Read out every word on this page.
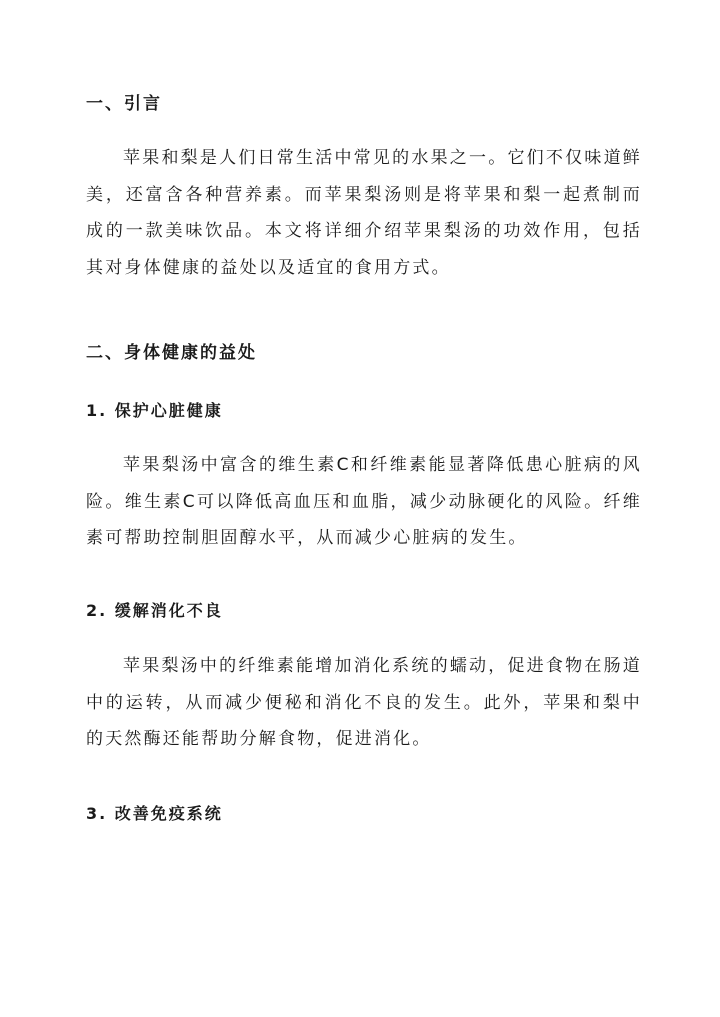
一、引言

苹果和梨是人们日常生活中常见的水果之一。它们不仅味道鲜美，还富含各种营养素。而苹果梨汤则是将苹果和梨一起煮制而成的一款美味饮品。本文将详细介绍苹果梨汤的功效作用，包括其对身体健康的益处以及适宜的食用方式。

二、身体健康的益处
1. 保护心脏健康

苹果梨汤中富含的维生素C和纤维素能显著降低患心脏病的风险。维生素C可以降低高血压和血脂，减少动脉硬化的风险。纤维素可帮助控制胆固醇水平，从而减少心脏病的发生。

2. 缓解消化不良

苹果梨汤中的纤维素能增加消化系统的蠕动，促进食物在肠道中的运转，从而减少便秘和消化不良的发生。此外，苹果和梨中的天然酶还能帮助分解食物，促进消化。

3. 改善免疫系统
